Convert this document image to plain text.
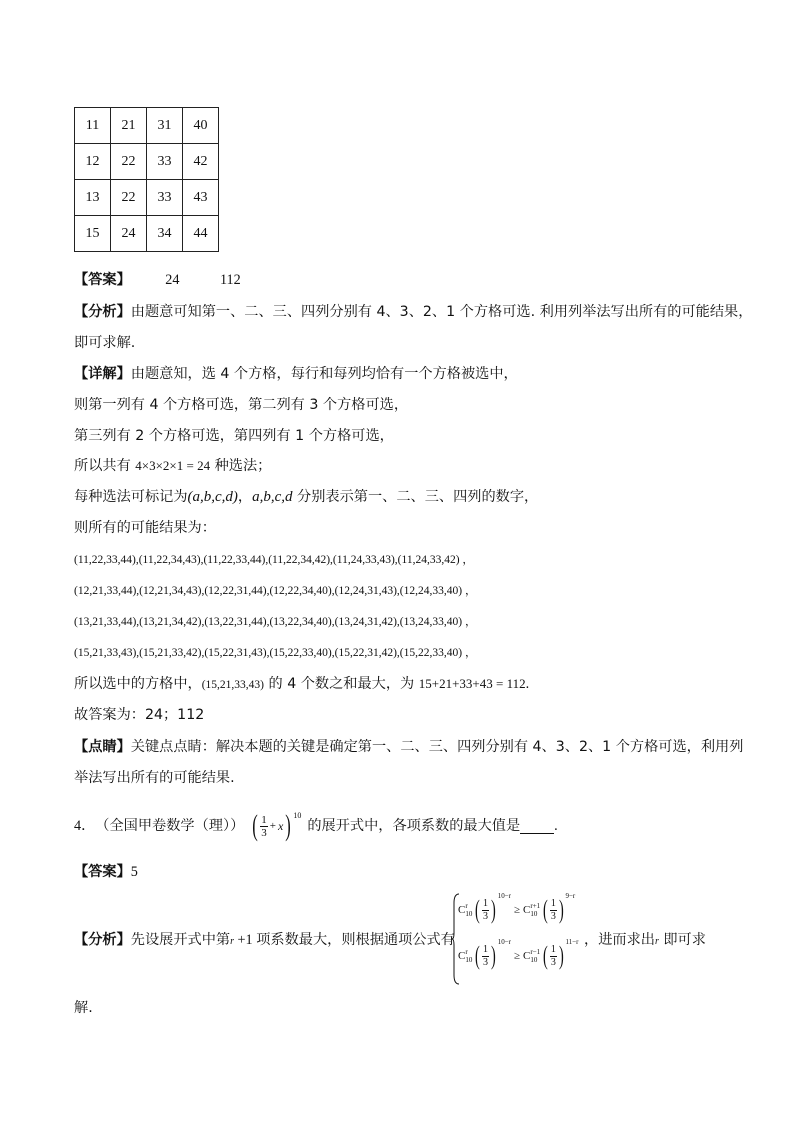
11	21	31	40
12	22	33	42
13	22	33	43
15	24	34	44
【答案】 24	112
【分析】由题意可知第一、二、三、四列分别有 4、3、2、1 个方格可选. 利用列举法写出所有的可能结果，
即可求解.
【详解】由题意知，选 4 个方格，每行和每列均恰有一个方格被选中，
则第一列有 4 个方格可选，第二列有 3 个方格可选，
第三列有 2 个方格可选，第四列有 1 个方格可选，
所以共有 4×3×2×1 = 24 种选法；
每种选法可标记为(a,b,c,d)，a,b,c,d 分别表示第一、二、三、四列的数字，
则所有的可能结果为：
(11,22,33,44),(11,22,34,43),(11,22,33,44),(11,22,34,42),(11,24,33,43),(11,24,33,42) ，
(12,21,33,44),(12,21,34,43),(12,22,31,44),(12,22,34,40),(12,24,31,43),(12,24,33,40) ，
(13,21,33,44),(13,21,34,42),(13,22,31,44),(13,22,34,40),(13,24,31,42),(13,24,33,40) ，
(15,21,33,43),(15,21,33,42),(15,22,31,43),(15,22,33,40),(15,22,31,42),(15,22,33,40) ，
所以选中的方格中，(15,21,33,43) 的 4 个数之和最大，为 15+21+33+43 = 112.
故答案为：24；112
【点睛】关键点点睛：解决本题的关键是确定第一、二、三、四列分别有 4、3、2、1 个方格可选，利用列
举法写出所有的可能结果.
4． （全国甲卷数学（理）） ( $\frac{1}{3} + x$ ) 10
的展开式中，各项系数的最大值是 .
【答案】5
【分析】先设展开式中第r +1 项系数最大，则根据通项公式有
C r
10 ( $\frac{1}{3}$ ) 10−r
≥ C r+1
10 ( $\frac{1}{3}$ ) 9−r
C r
10 ( $\frac{1}{3}$ ) 10−r
≥ C r−1
10 ( $\frac{1}{3}$ ) 11−r ，进而求出r 即可求
解.
